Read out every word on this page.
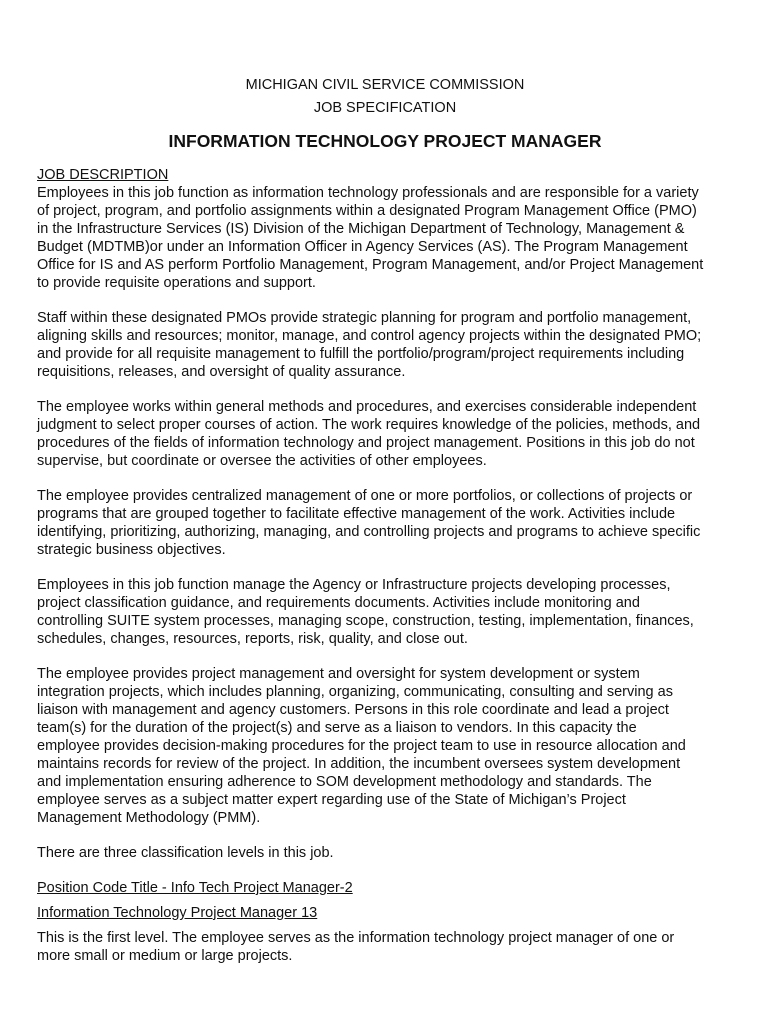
MICHIGAN CIVIL SERVICE COMMISSION

JOB SPECIFICATION

INFORMATION TECHNOLOGY PROJECT MANAGER
JOB DESCRIPTION
Employees in this job function as information technology professionals and are responsible for a variety
of project, program, and portfolio assignments within a designated Program Management Office (PMO)
in the Infrastructure Services (IS) Division of the Michigan Department of Technology, Management &
Budget (MDTMB)or under an Information Officer in Agency Services (AS). The Program Management
Office for IS and AS perform Portfolio Management, Program Management, and/or Project Management
to provide requisite operations and support.
Staff within these designated PMOs provide strategic planning for program and portfolio management,
aligning skills and resources; monitor, manage, and control agency projects within the designated PMO;
and provide for all requisite management to fulfill the portfolio/program/project requirements including
requisitions, releases, and oversight of quality assurance.
The employee works within general methods and procedures, and exercises considerable independent
judgment to select proper courses of action. The work requires knowledge of the policies, methods, and
procedures of the fields of information technology and project management. Positions in this job do not
supervise, but coordinate or oversee the activities of other employees.
The employee provides centralized management of one or more portfolios, or collections of projects or
programs that are grouped together to facilitate effective management of the work. Activities include
identifying, prioritizing, authorizing, managing, and controlling projects and programs to achieve specific
strategic business objectives.
Employees in this job function manage the Agency or Infrastructure projects developing processes,
project classification guidance, and requirements documents. Activities include monitoring and
controlling SUITE system processes, managing scope, construction, testing, implementation, finances,
schedules, changes, resources, reports, risk, quality, and close out.
The employee provides project management and oversight for system development or system
integration projects, which includes planning, organizing, communicating, consulting and serving as
liaison with management and agency customers. Persons in this role coordinate and lead a project
team(s) for the duration of the project(s) and serve as a liaison to vendors. In this capacity the
employee provides decision-making procedures for the project team to use in resource allocation and
maintains records for review of the project. In addition, the incumbent oversees system development
and implementation ensuring adherence to SOM development methodology and standards. The
employee serves as a subject matter expert regarding use of the State of Michigan’s Project
Management Methodology (PMM).
There are three classification levels in this job.
Position Code Title - Info Tech Project Manager-2
Information Technology Project Manager 13
This is the first level. The employee serves as the information technology project manager of one or
more small or medium or large projects.
